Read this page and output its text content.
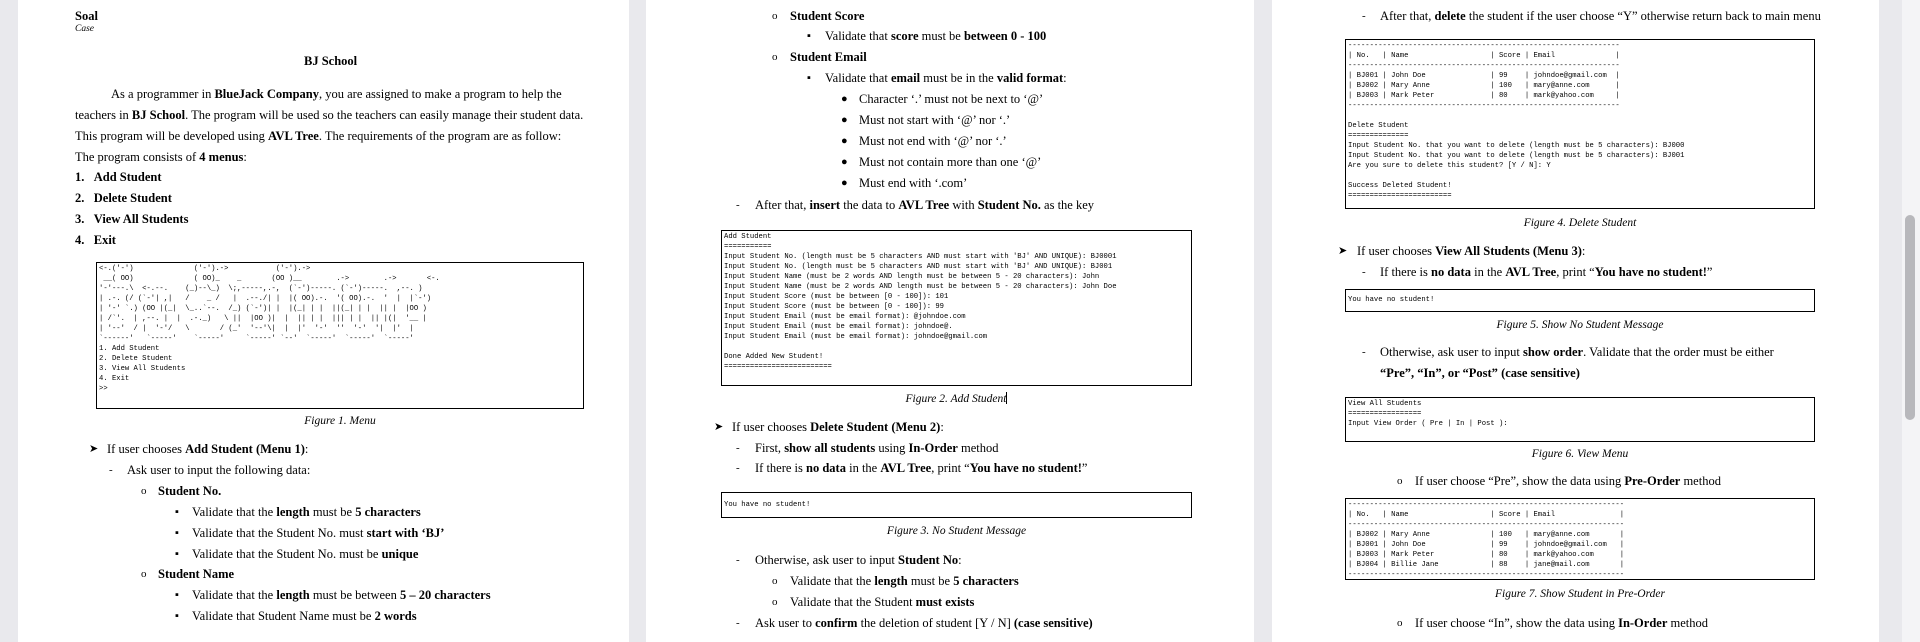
Soal
Case
BJ School
As a programmer in BlueJack Company, you are assigned to make a program to help the
teachers in BJ School. The program will be used so the teachers can easily manage their student data.
This program will be developed using AVL Tree. The requirements of the program are as follow:
The program consists of 4 menus:
1. Add Student
2. Delete Student
3. View All Students
4. Exit
<-.('-')              ('-').->           ('-').->
__( OO)              ( OO)_    _       (OO )__        .->        .->       <-.
'-'---.\  <-.--.    (_)--\_)  \;,-----,.-,  (`-')-----. (`-')-----.  ,--. )
| .-. (/ (`-'| ,|   /    _ /   |  .--./| |  |( OO).-.  '( OO).-.  '  |  |`-')
| '-' `.) (OO |(_|  \_..`--.  /_) (`-')| |  |(_| | |  ||(_| | |  || |  |OO )
| /`'.  | ,--. |  |  .-._)   \ ||  |OO )|  |  || | |  ||| | |  || |(|  '__ |
| '--'  / |  '-'/   \       / (_'  '--'\|  |  |'  '-'  ''  '-'  '|  |'  |
`------'   `-----'    `-----'     `-----' `--'  `-----'  `-----'  `-----'
1. Add Student
2. Delete Student
3. View All Students
4. Exit
>>
Figure 1. Menu
➤ If user chooses Add Student (Menu 1):
- Ask user to input the following data:
o Student No.
▪ Validate that the length must be 5 characters
▪ Validate that the Student No. must start with ‘BJ’
▪ Validate that the Student No. must be unique
o Student Name
▪ Validate that the length must be between 5 – 20 characters
▪ Validate that Student Name must be 2 words
o Student Score
▪ Validate that score must be between 0 - 100
o Student Email
▪ Validate that email must be in the valid format:
● Character ‘.’ must not be next to ‘@’
● Must not start with ‘@’ nor ‘.’
● Must not end with ‘@’ nor ‘.’
● Must not contain more than one ‘@’
● Must end with ‘.com’
- After that, insert the data to AVL Tree with Student No. as the key
Add Student
===========
Input Student No. (length must be 5 characters AND must start with 'BJ' AND UNIQUE): BJ0001
Input Student No. (length must be 5 characters AND must start with 'BJ' AND UNIQUE): BJ001
Input Student Name (must be 2 words AND length must be between 5 - 20 characters): John
Input Student Name (must be 2 words AND length must be between 5 - 20 characters): John Doe
Input Student Score (must be between [0 - 100]): 101
Input Student Score (must be between [0 - 100]): 99
Input Student Email (must be email format): @johndoe.com
Input Student Email (must be email format): johndoe@.
Input Student Email (must be email format): johndoe@gmail.com

Done Added New Student!
=========================
Figure 2. Add Student
➤ If user chooses Delete Student (Menu 2):
- First, show all students using In-Order method
- If there is no data in the AVL Tree, print “You have no student!”
You have no student!
Figure 3. No Student Message
- Otherwise, ask user to input Student No:
o Validate that the length must be 5 characters
o Validate that the Student must exists
- Ask user to confirm the deletion of student [Y / N] (case sensitive)
- After that, delete the student if the user choose “Y” otherwise return back to main menu
---------------------------------------------------------------
| No.   | Name                   | Score | Email              |
---------------------------------------------------------------
| BJ001 | John Doe               | 99    | johndoe@gmail.com  |
| BJ002 | Mary Anne              | 100   | mary@anne.com      |
| BJ003 | Mark Peter             | 80    | mark@yahoo.com     |
---------------------------------------------------------------

Delete Student
==============
Input Student No. that you want to delete (length must be 5 characters): BJ000
Input Student No. that you want to delete (length must be 5 characters): BJ001
Are you sure to delete this student? [Y / N]: Y

Success Deleted Student!
========================
Figure 4. Delete Student
➤ If user chooses View All Students (Menu 3):
- If there is no data in the AVL Tree, print “You have no student!”
You have no student!
Figure 5. Show No Student Message
- Otherwise, ask user to input show order. Validate that the order must be either
“Pre”, “In”, or “Post” (case sensitive)
View All Students
=================
Input View Order ( Pre | In | Post ):
Figure 6. View Menu
o If user choose “Pre”, show the data using Pre-Order method
----------------------------------------------------------------
| No.   | Name                   | Score | Email               |
----------------------------------------------------------------
| BJ002 | Mary Anne              | 100   | mary@anne.com       |
| BJ001 | John Doe               | 99    | johndoe@gmail.com   |
| BJ003 | Mark Peter             | 80    | mark@yahoo.com      |
| BJ004 | Billie Jane            | 88    | jane@mail.com       |
----------------------------------------------------------------
Figure 7. Show Student in Pre-Order
o If user choose “In”, show the data using In-Order method
